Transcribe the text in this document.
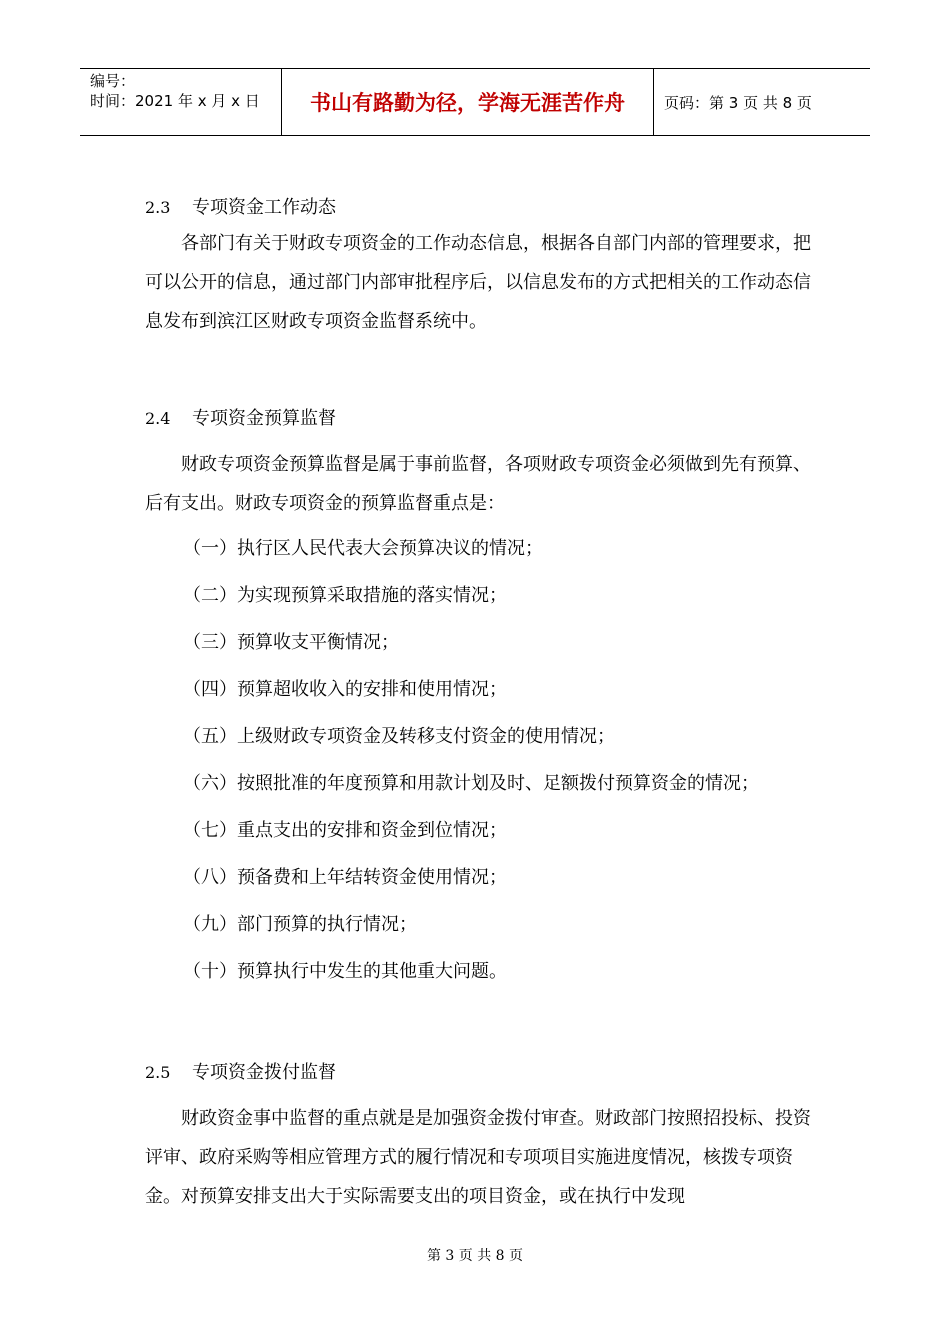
编号：
时间：2021 年 x 月 x 日	书山有路勤为径，学海无涯苦作舟	页码：第 3 页 共 8 页
2.3 专项资金工作动态

各部门有关于财政专项资金的工作动态信息，根据各自部门内部的管理要求，把可以公开的信息，通过部门内部审批程序后，以信息发布的方式把相关的工作动态信息发布到滨江区财政专项资金监督系统中。

2.4 专项资金预算监督

财政专项资金预算监督是属于事前监督，各项财政专项资金必须做到先有预算、后有支出。财政专项资金的预算监督重点是：

（一）执行区人民代表大会预算决议的情况；
（二）为实现预算采取措施的落实情况；
（三）预算收支平衡情况；
（四）预算超收收入的安排和使用情况；
（五）上级财政专项资金及转移支付资金的使用情况；
（六）按照批准的年度预算和用款计划及时、足额拨付预算资金的情况；
（七）重点支出的安排和资金到位情况；
（八）预备费和上年结转资金使用情况；
（九）部门预算的执行情况；
（十）预算执行中发生的其他重大问题。
2.5 专项资金拨付监督

财政资金事中监督的重点就是是加强资金拨付审查。财政部门按照招投标、投资评审、政府采购等相应管理方式的履行情况和专项项目实施进度情况，核拨专项资金。对预算安排支出大于实际需要支出的项目资金，或在执行中发现

第 3 页 共 8 页
